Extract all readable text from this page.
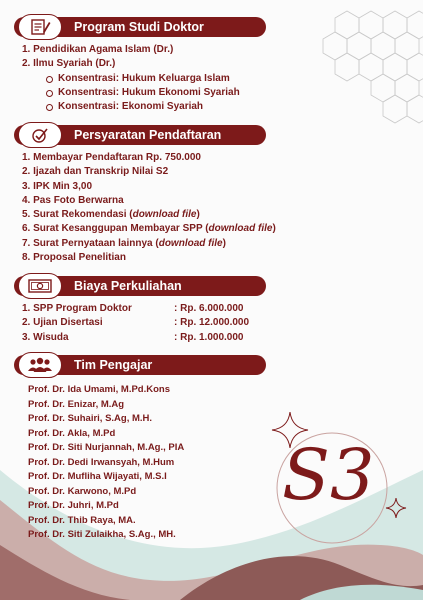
Program Studi Doktor
1. Pendidikan Agama Islam (Dr.)
2. Ilmu Syariah (Dr.)
Konsentrasi: Hukum Keluarga Islam
Konsentrasi: Hukum Ekonomi Syariah
Konsentrasi: Ekonomi Syariah
Persyaratan Pendaftaran
1. Membayar Pendaftaran Rp. 750.000
2. Ijazah dan Transkrip Nilai S2
3. IPK Min 3,00
4. Pas Foto Berwarna
5. Surat Rekomendasi (download file)
6. Surat Kesanggupan Membayar SPP (download file)
7. Surat Pernyataan lainnya (download file)
8. Proposal Penelitian
Biaya Perkuliahan
1. SPP Program Doktor	: Rp. 6.000.000
2. Ujian Disertasi	: Rp. 12.000.000
3. Wisuda	: Rp. 1.000.000
Tim Pengajar
Prof. Dr. Ida Umami, M.Pd.Kons
Prof. Dr. Enizar, M.Ag
Prof. Dr. Suhairi, S.Ag, M.H.
Prof. Dr. Akla, M.Pd
Prof. Dr. Siti Nurjannah, M.Ag., PIA
Prof. Dr. Dedi Irwansyah, M.Hum
Prof. Dr. Mufliha Wijayati, M.S.I
Prof. Dr. Karwono, M.Pd
Prof. Dr. Juhri, M.Pd
Prof. Dr. Thib Raya, MA.
Prof. Dr. Siti Zulaikha, S.Ag., MH.
S3
